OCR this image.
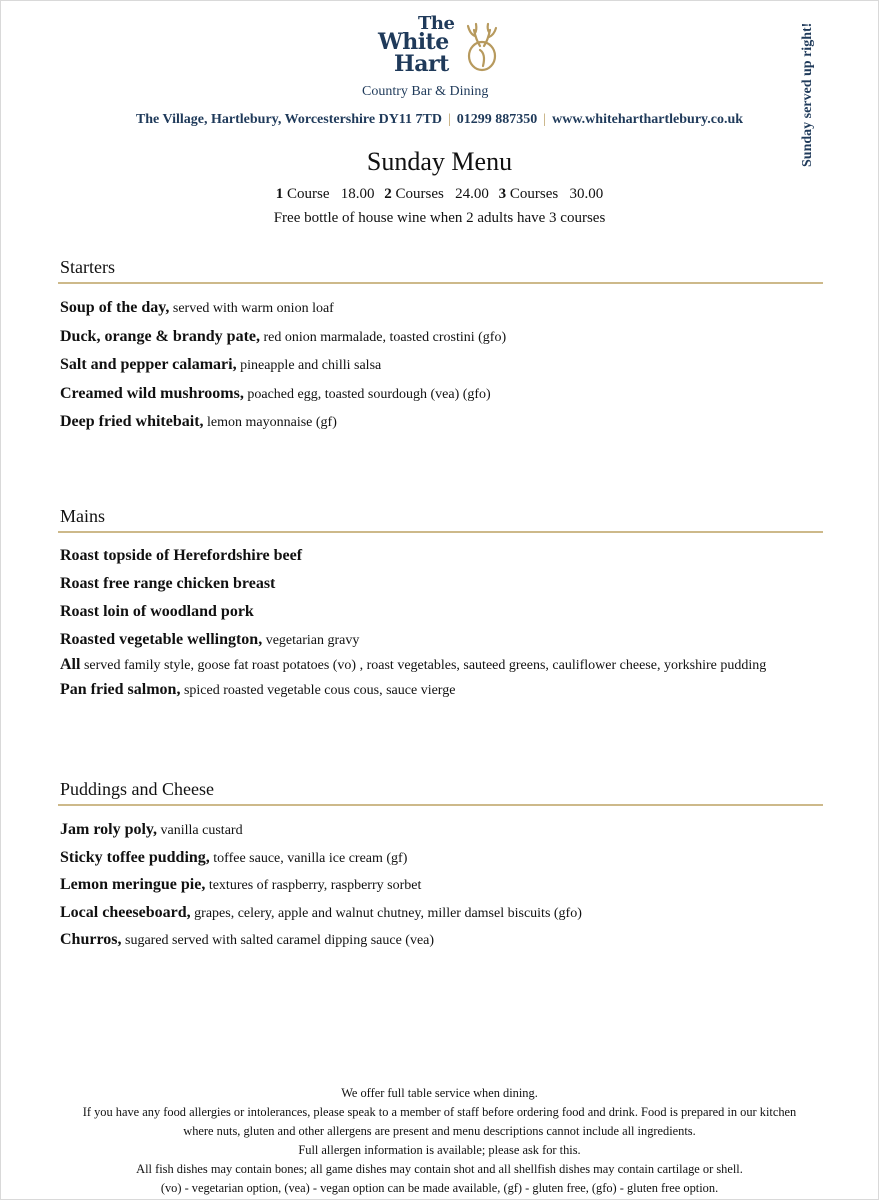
The
White
Hart
Country Bar & Dining
The Village, Hartlebury, Worcestershire DY11 7TD | 01299 887350 | www.whiteharthartlebury.co.uk	Sunday served up right!
Sunday Menu
1 Course 18.00 2 Courses 24.00 3 Courses 30.00
Free bottle of house wine when 2 adults have 3 courses
Starters
Soup of the day, served with warm onion loaf
Duck, orange & brandy pate, red onion marmalade, toasted crostini (gfo)
Salt and pepper calamari, pineapple and chilli salsa
Creamed wild mushrooms, poached egg, toasted sourdough (vea) (gfo)
Deep fried whitebait, lemon mayonnaise (gf)
Mains
Roast topside of Herefordshire beef
Roast free range chicken breast
Roast loin of woodland pork
Roasted vegetable wellington, vegetarian gravy
All served family style, goose fat roast potatoes (vo) , roast vegetables, sauteed greens, cauliflower cheese, yorkshire pudding
Pan fried salmon, spiced roasted vegetable cous cous, sauce vierge
Puddings and Cheese
Jam roly poly, vanilla custard
Sticky toffee pudding, toffee sauce, vanilla ice cream (gf)
Lemon meringue pie, textures of raspberry, raspberry sorbet
Local cheeseboard, grapes, celery, apple and walnut chutney, miller damsel biscuits (gfo)
Churros, sugared served with salted caramel dipping sauce (vea)
We offer full table service when dining.
If you have any food allergies or intolerances, please speak to a member of staff before ordering food and drink. Food is prepared in our kitchen
where nuts, gluten and other allergens are present and menu descriptions cannot include all ingredients.
Full allergen information is available; please ask for this.
All fish dishes may contain bones; all game dishes may contain shot and all shellfish dishes may contain cartilage or shell.
(vo) - vegetarian option, (vea) - vegan option can be made available, (gf) - gluten free, (gfo) - gluten free option.
